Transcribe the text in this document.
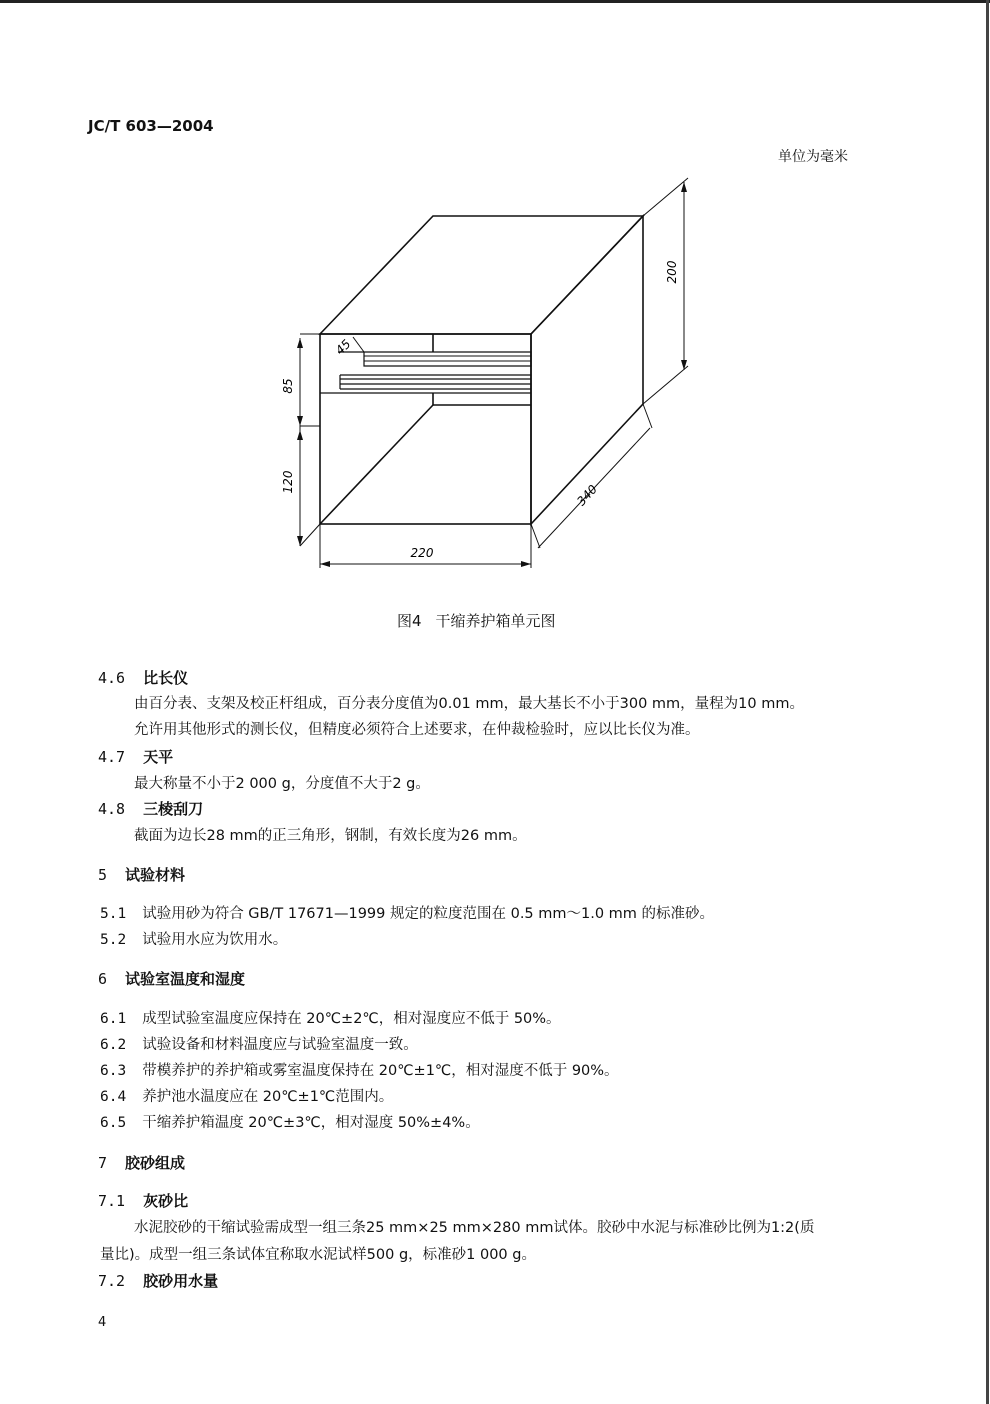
JC/T 603—2004
单位为毫米
200
45
85
120
340
220
图4 干缩养护箱单元图
4.6 比长仪
由百分表、支架及校正杆组成，百分表分度值为0.01 mm，最大基长不小于300 mm，量程为10 mm。
允许用其他形式的测长仪，但精度必须符合上述要求，在仲裁检验时，应以比长仪为准。
4.7 天平
最大称量不小于2 000 g，分度值不大于2 g。
4.8 三棱刮刀
截面为边长28 mm的正三角形，钢制，有效长度为26 mm。
5 试验材料
5.1 试验用砂为符合 GB/T 17671—1999 规定的粒度范围在 0.5 mm～1.0 mm 的标准砂。
5.2 试验用水应为饮用水。
6 试验室温度和湿度
6.1 成型试验室温度应保持在 20℃±2℃，相对湿度应不低于 50%。
6.2 试验设备和材料温度应与试验室温度一致。
6.3 带模养护的养护箱或雾室温度保持在 20℃±1℃，相对湿度不低于 90%。
6.4 养护池水温度应在 20℃±1℃范围内。
6.5 干缩养护箱温度 20℃±3℃，相对湿度 50%±4%。
7 胶砂组成
7.1 灰砂比
水泥胶砂的干缩试验需成型一组三条25 mm×25 mm×280 mm试体。胶砂中水泥与标准砂比例为1:2(质
量比)。成型一组三条试体宜称取水泥试样500 g，标准砂1 000 g。
7.2 胶砂用水量
4
